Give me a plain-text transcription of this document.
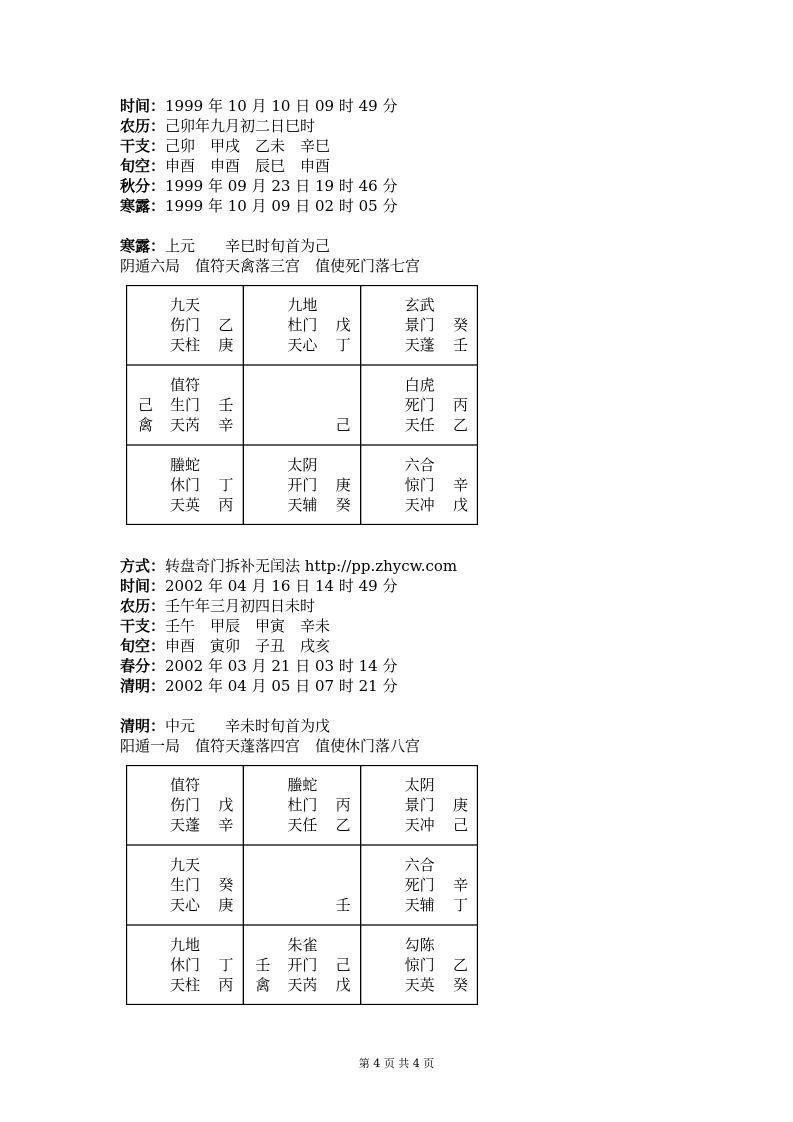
时间：1999 年 10 月 10 日 09 时 49 分
农历：己卯年九月初二日巳时
干支：己卯　甲戌　乙未　辛巳
旬空：申酉　申酉　辰巳　申酉
秋分：1999 年 09 月 23 日 19 时 46 分
寒露：1999 年 10 月 09 日 02 时 05 分
寒露：上元　　辛巳时旬首为己
阴遁六局　值符天禽落三宫　值使死门落七宫
九天
伤门 乙
天柱 庚
九地
杜门 戊
天心 丁
玄武
景门 癸
天蓬 壬
值符
己 生门 壬
禽 天芮 辛	己
白虎
死门 丙
天任 乙
螣蛇
休门 丁
天英 丙
太阴
开门 庚
天辅 癸
六合
惊门 辛
天冲 戊
方式：转盘奇门拆补无闰法 http://pp.zhycw.com
时间：2002 年 04 月 16 日 14 时 49 分
农历：壬午年三月初四日未时
干支：壬午　甲辰　甲寅　辛未
旬空：申酉　寅卯　子丑　戌亥
春分：2002 年 03 月 21 日 03 时 14 分
清明：2002 年 04 月 05 日 07 时 21 分
清明：中元　　辛未时旬首为戊
阳遁一局　值符天蓬落四宫　值使休门落八宫
值符
伤门 戊
天蓬 辛
螣蛇
杜门 丙
天任 乙
太阴
景门 庚
天冲 己
九天
生门 癸
天心 庚	壬
六合
死门 辛
天辅 丁
九地
休门 丁
天柱 丙
朱雀
壬 开门 己
禽 天芮 戊
勾陈
惊门 乙
天英 癸
第 4 页 共 4 页
